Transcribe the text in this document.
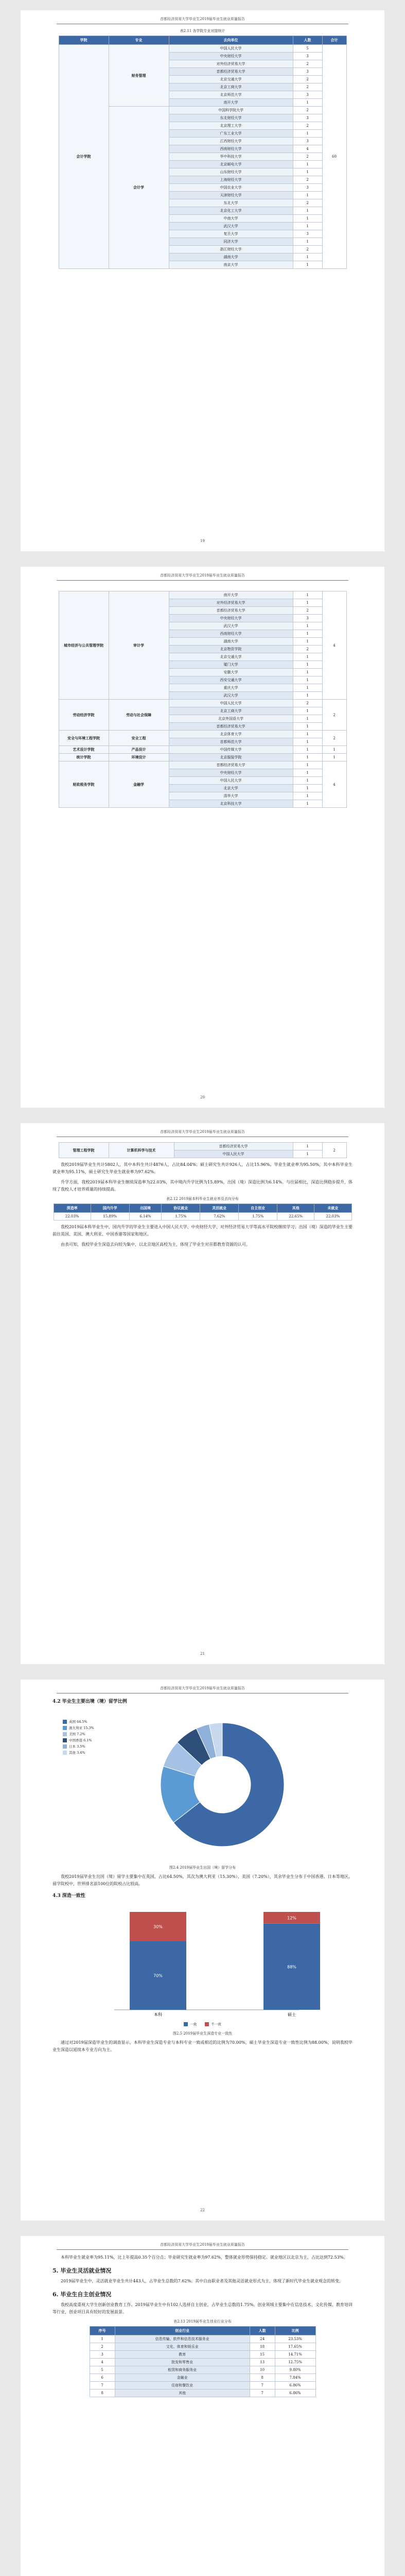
首都经济贸易大学毕业生2019届毕业生就业质量报告
表2.11 各学院专业对接统计
学院	专业	去向单位	人数	合计
会计学院	财务管理	中国人民大学	5	60
		中央财经大学	3	
		对外经济贸易大学	2	
		首都经济贸易大学	3	
		北京交通大学	2	
		北京工商大学	2	
		北京师范大学	3	
		南开大学	1	
	会计学	中国科学院大学	2	
		东北财经大学	3	
		北京理工大学	2	
		广东工业大学	1	
		江西财经大学	3	
		西南财经大学	4	
		华中科技大学	2	
		北京邮电大学	1	
		山东财经大学	1	
		上海财经大学	2	
		中国农业大学	3	
		天津财经大学	1	
		东北大学	2	
		北京化工大学	1	
		中南大学	1	
		武汉大学	1	
		复旦大学	3	
		同济大学	1	
		浙江财经大学	2	
		湖南大学	1	
		南京大学	1	
19
首都经济贸易大学毕业生2019届毕业生就业质量报告
城市经济与公共管理学院	审计学	南开大学	1	4
		对外经济贸易大学	1	
		首都经济贸易大学	2	
		中央财经大学	3	
		武汉大学	1	
		西南财经大学	1	
		湖南大学	1	
		北京物资学院	2	
		北京交通大学	1	
		厦门大学	1	
		安徽大学	1	
		西安交通大学	1	
		重庆大学	1	
		武汉大学	1	
劳动经济学院	劳动与社会保障	中国人民大学	2	2
		北京工商大学	1	
		北京外国语大学	1	
		首都经济贸易大学	1	
安全与环境工程学院	安全工程	北京体育大学	1	2
		首都师范大学	1	
艺术设计学院	产品设计	中国传媒大学	1	1
统计学院	环境设计	北京服装学院	1	1
财政税务学院	金融学	首都经济贸易大学	1	4
		中央财经大学	1	
		中国人民大学	1	
		北京大学	1	
		清华大学	1	
		北京科技大学	1	
20
首都经济贸易大学毕业生2019届毕业生就业质量报告
管理工程学院	计算机科学与技术	首都经济贸易大学	1	2
		中国人民大学	1	

我校2019届毕业生共计5802人，其中本科生共计4876人，占比84.04%；硕士研究生共计926人，占比15.96%。毕业生就业率为95.50%，其中本科毕业生就业率为95.11%，硕士研究生毕业生就业率为97.62%。

升学方面，我校2019届本科毕业生继续深造率为22.03%，其中境内升学比例为15.89%，出国（境）深造比例为6.14%。与往届相比，深造比例稳步提升，体现了我校人才培养质量的持续提高。

表2.12 2019届本科毕业生就业率及去向分布
深造率	国内升学	出国境	协议就业	灵活就业	自主创业	其他	未就业
22.03%	15.89%	6.14%	1.75%	7.62%	1.75%	22.65%	22.03%

我校2019届本科毕业生中，国内升学的毕业生主要进入中国人民大学、中央财经大学、对外经济贸易大学等高水平院校继续学习；出国（境）深造的毕业生主要前往英国、美国、澳大利亚、中国香港等国家和地区。

由表可知，我校毕业生深造去向较为集中，以北京地区高校为主，体现了毕业生对首都教育资源的认可。

21
首都经济贸易大学毕业生2019届毕业生就业质量报告
4.2 毕业生主要出境（境）留学比例
英国 64.5%
澳大利亚 15.3%
美国 7.2%
中国香港 6.1%
日本 3.5%
其他 3.4%
图2.4 2019届毕业生出国（境）留学分布

我校2019届毕业生出国（境）留学主要集中在英国，占比64.50%，其次为澳大利亚（15.30%）、美国（7.20%），其余毕业生分布于中国香港、日本等地区。留学院校中，世界排名前100位的院校占比较高。

4.3 深造一致性
70%
30%
本科
88%
12%
硕士
一致	不一致
图2.5 2019届毕业生深造专业一致性

通过对2019届深造毕业生的调查显示，本科毕业生深造专业与本科专业一致或相近的比例为70.00%，硕士毕业生深造专业一致性比例为88.00%，说明我校毕业生深造以延续本专业方向为主。

22
首都经济贸易大学毕业生2019届毕业生就业质量报告

本科毕业生就业率为95.11%，比上年提高0.35个百分点；毕业研究生就业率为97.62%，整体就业形势保持稳定。就业地区以北京为主，占比达到72.53%。

5. 毕业生灵活就业情况

2019届毕业生中，灵活就业毕业生共计443人，占毕业生总数的7.62%。其中自由职业者及其他灵活就业形式为主，体现了新时代毕业生就业观念的转变。

6. 毕业生自主创业情况

我校高度重视大学生创新创业教育工作。2019届毕业生中有102人选择自主创业，占毕业生总数的1.75%。创业领域主要集中在信息技术、文化传媒、教育培训等行业，创业项目具有较好的发展前景。

表2.13 2019届毕业生创业行业分布
序号	创业行业	人数	比例
1	信息传输、软件和信息技术服务业	24	23.53%
2	文化、体育和娱乐业	18	17.65%
3	教育	15	14.71%
4	批发和零售业	13	12.75%
5	租赁和商务服务业	10	9.80%
6	金融业	8	7.84%
7	住宿和餐饮业	7	6.86%
8	其他	7	6.86%
